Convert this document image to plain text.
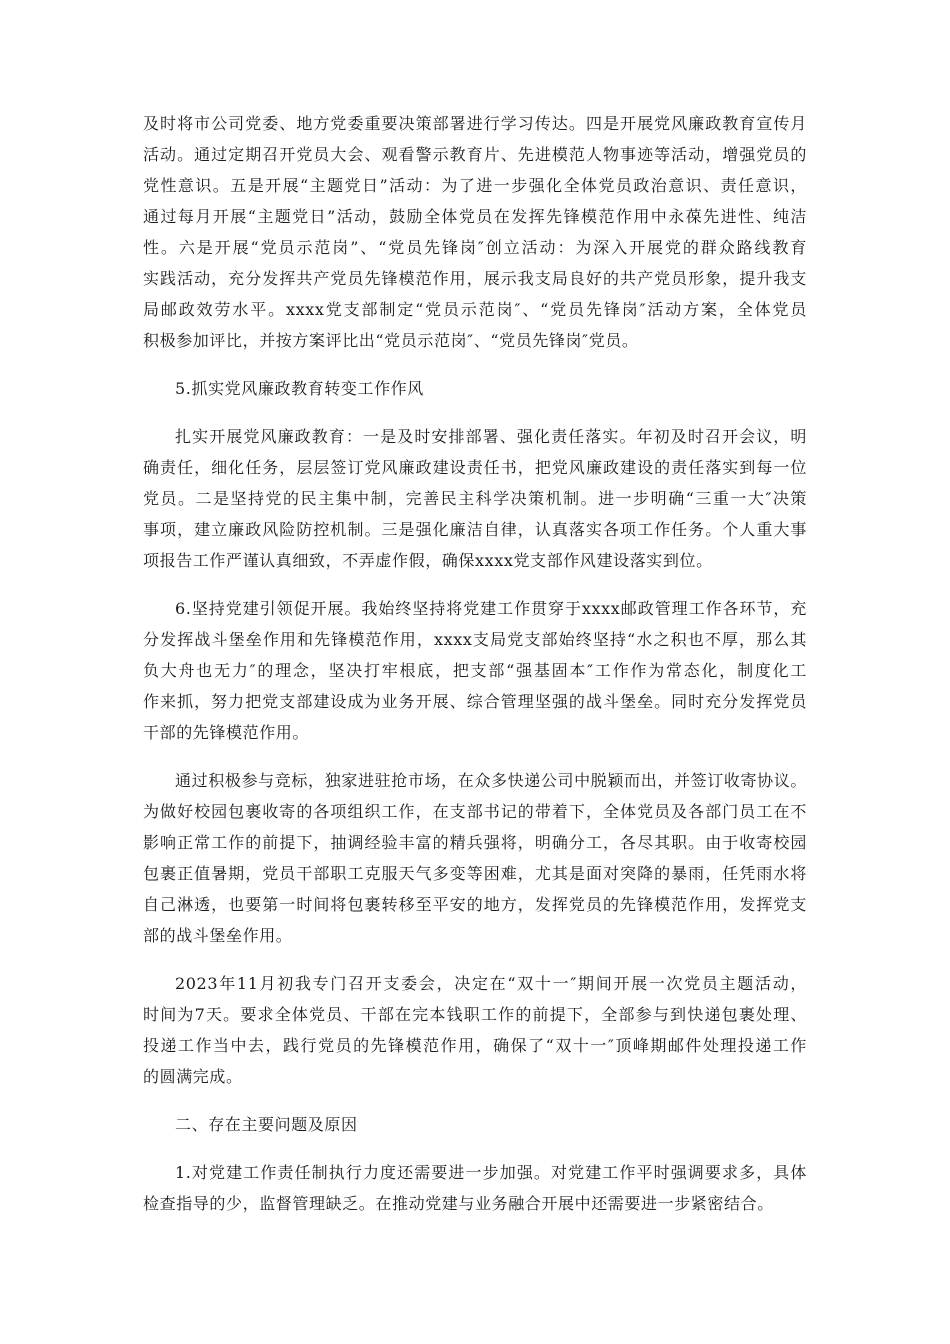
及时将市公司党委、地方党委重要决策部署进行学习传达。四是开展党风廉政教育宣传月
活动。通过定期召开党员大会、观看警示教育片、先进模范人物事迹等活动，增强党员的
党性意识。五是开展“主题党日”活动：为了进一步强化全体党员政治意识、责任意识，
通过每月开展“主题党日”活动，鼓励全体党员在发挥先锋模范作用中永葆先进性、纯洁
性。六是开展“党员示范岗”、“党员先锋岗″创立活动：为深入开展党的群众路线教育
实践活动，充分发挥共产党员先锋模范作用，展示我支局良好的共产党员形象，提升我支
局邮政效劳水平。xxxx党支部制定“党员示范岗″、“党员先锋岗″活动方案，全体党员
积极参加评比，并按方案评比出“党员示范岗″、“党员先锋岗″党员。
5.抓实党风廉政教育转变工作作风
扎实开展党风廉政教育：一是及时安排部署、强化责任落实。年初及时召开会议，明
确责任，细化任务，层层签订党风廉政建设责任书，把党风廉政建设的责任落实到每一位
党员。二是坚持党的民主集中制，完善民主科学决策机制。进一步明确“三重一大″决策
事项，建立廉政风险防控机制。三是强化廉洁自律，认真落实各项工作任务。个人重大事
项报告工作严谨认真细致，不弄虚作假，确保xxxx党支部作风建设落实到位。
6.坚持党建引领促开展。我始终坚持将党建工作贯穿于xxxx邮政管理工作各环节，充
分发挥战斗堡垒作用和先锋模范作用，xxxx支局党支部始终坚持“水之积也不厚，那么其
负大舟也无力″的理念，坚决打牢根底，把支部“强基固本″工作作为常态化，制度化工
作来抓，努力把党支部建设成为业务开展、综合管理坚强的战斗堡垒。同时充分发挥党员
干部的先锋模范作用。
通过积极参与竞标，独家进驻抢市场，在众多快递公司中脱颖而出，并签订收寄协议。
为做好校园包裹收寄的各项组织工作，在支部书记的带着下，全体党员及各部门员工在不
影响正常工作的前提下，抽调经验丰富的精兵强将，明确分工，各尽其职。由于收寄校园
包裹正值暑期，党员干部职工克服天气多变等困难，尤其是面对突降的暴雨，任凭雨水将
自己淋透，也要第一时间将包裹转移至平安的地方，发挥党员的先锋模范作用，发挥党支
部的战斗堡垒作用。
2023年11月初我专门召开支委会，决定在“双十一″期间开展一次党员主题活动，
时间为7天。要求全体党员、干部在完本钱职工作的前提下，全部参与到快递包裹处理、
投递工作当中去，践行党员的先锋模范作用，确保了“双十一″顶峰期邮件处理投递工作
的圆满完成。
二、存在主要问题及原因
1.对党建工作责任制执行力度还需要进一步加强。对党建工作平时强调要求多，具体
检查指导的少，监督管理缺乏。在推动党建与业务融合开展中还需要进一步紧密结合。
